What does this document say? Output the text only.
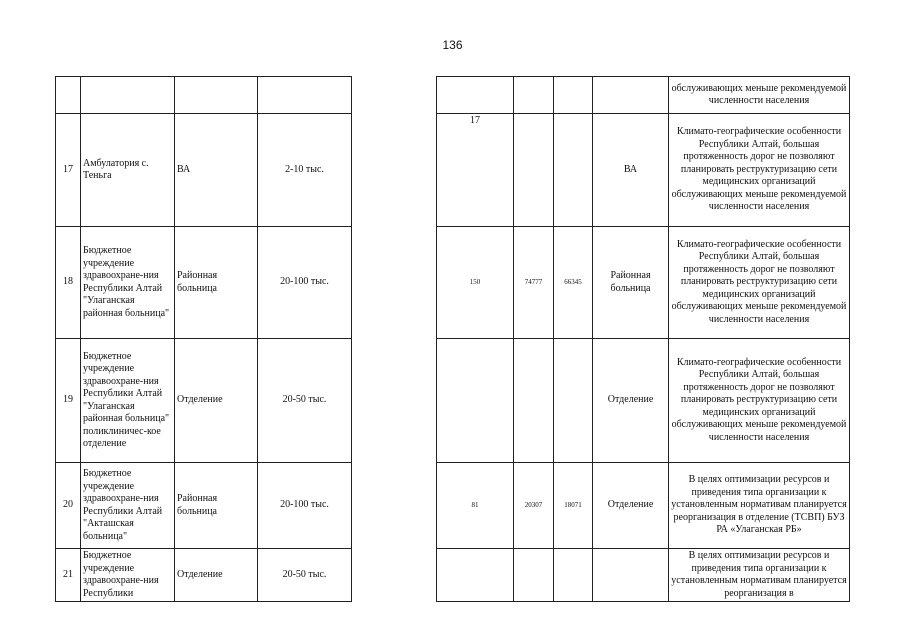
136

17	Амбулатория с. Теньга	ВА	2-10 тыс.
18	Бюджетное учреждение здравоохране-ния Республики Алтай "Улаганская районная больница"	Районная больница	20-100 тыс.
19	Бюджетное учреждение здравоохране-ния Республики Алтай "Улаганская районная больница" поликлиничес-кое отделение	Отделение	20-50 тыс.
20	Бюджетное учреждение здравоохране-ния Республики Алтай "Акташская больница"	Районная больница	20-100 тыс.
21	Бюджетное учреждение здравоохране-ния Республики	Отделение	20-50 тыс.
				обслуживающих меньше рекомендуемой численности населения
17			ВА	Климато-географические особенности Республики Алтай, большая протяженность дорог не позволяют планировать реструктуризацию сети медицинских организаций обслуживающих меньше рекомендуемой численности населения
150	74777	66345	Районная больница	Климато-географические особенности Республики Алтай, большая протяженность дорог не позволяют планировать реструктуризацию сети медицинских организаций обслуживающих меньше рекомендуемой численности населения
			Отделение	Климато-географические особенности Республики Алтай, большая протяженность дорог не позволяют планировать реструктуризацию сети медицинских организаций обслуживающих меньше рекомендуемой численности населения
81	20307	18071	Отделение	В целях оптимизации ресурсов и приведения типа организации к установленным нормативам планируется реорганизация в отделение (ТСВП) БУЗ РА «Улаганская РБ»
				В целях оптимизации ресурсов и приведения типа организации к установленным нормативам планируется реорганизация в
